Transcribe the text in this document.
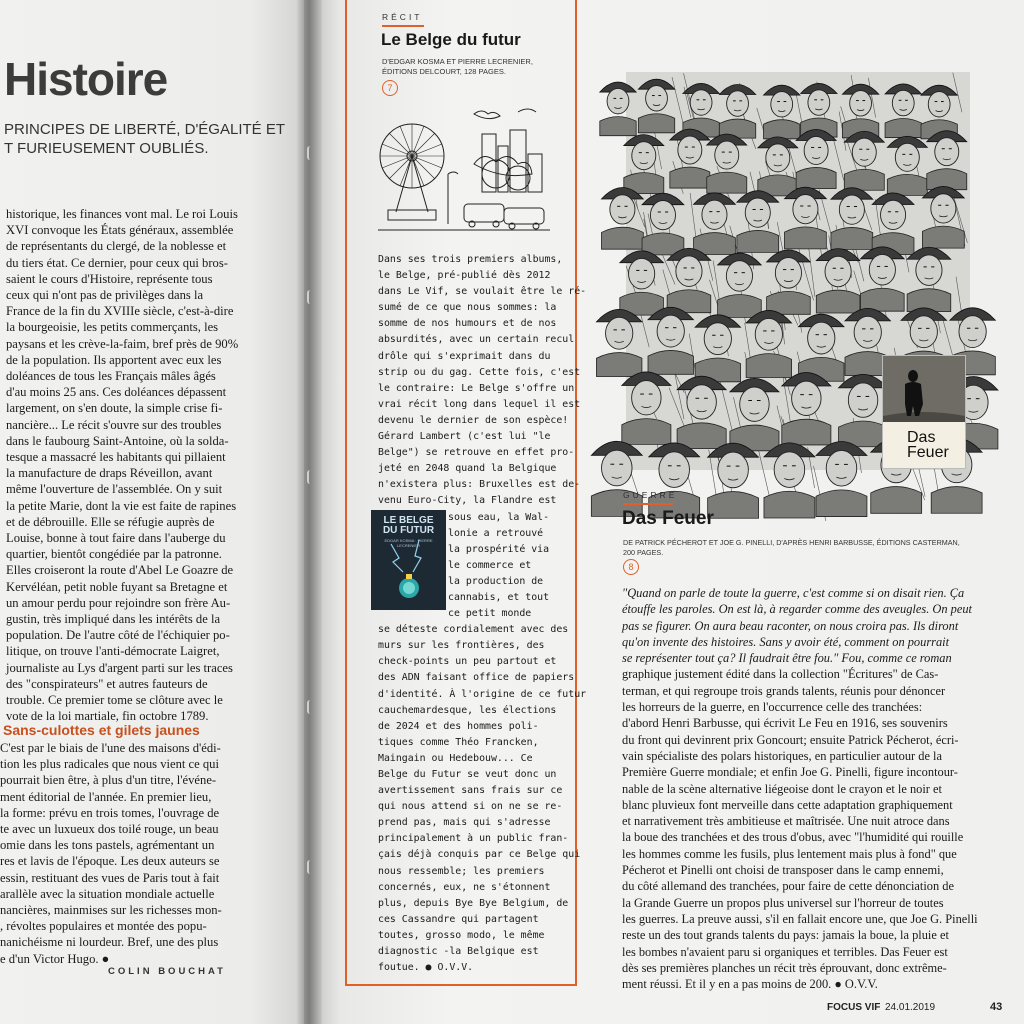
Histoire
PRINCIPES DE LIBERTÉ, D'ÉGALITÉ ET
T FURIEUSEMENT OUBLIÉS.
historique, les finances vont mal. Le roi Louis
XVI convoque les États généraux, assemblée
de représentants du clergé, de la noblesse et
du tiers état. Ce dernier, pour ceux qui bros-
saient le cours d'Histoire, représente tous
ceux qui n'ont pas de privilèges dans la
France de la fin du XVIIIe siècle, c'est-à-dire
la bourgeoisie, les petits commerçants, les
paysans et les crève-la-faim, bref près de 90%
de la population. Ils apportent avec eux les
doléances de tous les Français mâles âgés
d'au moins 25 ans. Ces doléances dépassent
largement, on s'en doute, la simple crise fi-
nancière... Le récit s'ouvre sur des troubles
dans le faubourg Saint-Antoine, où la solda-
tesque a massacré les habitants qui pillaient
la manufacture de draps Réveillon, avant
même l'ouverture de l'assemblée. On y suit
la petite Marie, dont la vie est faite de rapines
et de débrouille. Elle se réfugie auprès de
Louise, bonne à tout faire dans l'auberge du
quartier, bientôt congédiée par la patronne.
Elles croiseront la route d'Abel Le Goazre de
Kervéléan, petit noble fuyant sa Bretagne et
un amour perdu pour rejoindre son frère Au-
gustin, très impliqué dans les intérêts de la
population. De l'autre côté de l'échiquier po-
litique, on trouve l'anti-démocrate Laigret,
journaliste au Lys d'argent parti sur les traces
des "conspirateurs" et autres fauteurs de
trouble. Ce premier tome se clôture avec le
vote de la loi martiale, fin octobre 1789.
Sans-culottes et gilets jaunes
C'est par le biais de l'une des maisons d'édi-
tion les plus radicales que nous vient ce qui
pourrait bien être, à plus d'un titre, l'événe-
ment éditorial de l'année. En premier lieu,
la forme: prévu en trois tomes, l'ouvrage de
te avec un luxueux dos toilé rouge, un beau
omie dans les tons pastels, agrémentant un
res et lavis de l'époque. Les deux auteurs se
essin, restituant des vues de Paris tout à fait
arallèle avec la situation mondiale actuelle
nancières, mainmises sur les richesses mon-
, révoltes populaires et montée des popu-
nanichéisme ni lourdeur. Bref, une des plus
e d'un Victor Hugo. ●
COLIN BOUCHAT
RÉCIT
Le Belge du futur
D'EDGAR KOSMA ET PIERRE LECRENIER,
ÉDITIONS DELCOURT, 128 PAGES.
7
Dans ses trois premiers albums,
le Belge, pré-publié dès 2012
dans Le Vif, se voulait être le ré-
sumé de ce que nous sommes: la
somme de nos humours et de nos
absurdités, avec un certain recul
drôle qui s'exprimait dans du
strip ou du gag. Cette fois, c'est
le contraire: Le Belge s'offre un
vrai récit long dans lequel il est
devenu le dernier de son espèce!
Gérard Lambert (c'est lui "le
Belge") se retrouve en effet pro-
jeté en 2048 quand la Belgique
n'existera plus: Bruxelles est de-
venu Euro-City, la Flandre est
sous eau, la Wal-
lonie a retrouvé
la prospérité via
le commerce et
la production de
cannabis, et tout
ce petit monde
se déteste cordialement avec des
murs sur les frontières, des
check-points un peu partout et
des ADN faisant office de papiers
d'identité. À l'origine de ce futur
cauchemardesque, les élections
de 2024 et des hommes poli-
tiques comme Théo Francken,
Maingain ou Hedebouw... Ce
Belge du Futur se veut donc un
avertissement sans frais sur ce
qui nous attend si on ne se re-
prend pas, mais qui s'adresse
principalement à un public fran-
çais déjà conquis par ce Belge qui
nous ressemble; les premiers
concernés, eux, ne s'étonnent
plus, depuis Bye Bye Belgium, de
ces Cassandre qui partagent
toutes, grosso modo, le même
diagnostic -la Belgique est
foutue. ● O.V.V.
LE BELGE
DU FUTUR
EDGAR KOSMA · PIERRE LECRENIER
Das
Feuer
GUERRE
Das Feuer
DE PATRICK PÉCHEROT ET JOE G. PINELLI, D'APRÈS HENRI BARBUSSE, ÉDITIONS CASTERMAN,
200 PAGES.
8
"Quand on parle de toute la guerre, c'est comme si on disait rien. Ça
étouffe les paroles. On est là, à regarder comme des aveugles. On peut
pas se figurer. On aura beau raconter, on nous croira pas. Ils diront
qu'on invente des histoires. Sans y avoir été, comment on pourrait
se représenter tout ça? Il faudrait être fou." Fou, comme ce roman
graphique justement édité dans la collection "Écritures" de Cas-
terman, et qui regroupe trois grands talents, réunis pour dénoncer
les horreurs de la guerre, en l'occurrence celle des tranchées:
d'abord Henri Barbusse, qui écrivit Le Feu en 1916, ses souvenirs
du front qui devinrent prix Goncourt; ensuite Patrick Pécherot, écri-
vain spécialiste des polars historiques, en particulier autour de la
Première Guerre mondiale; et enfin Joe G. Pinelli, figure incontour-
nable de la scène alternative liégeoise dont le crayon et le noir et
blanc pluvieux font merveille dans cette adaptation graphiquement
et narrativement très ambitieuse et maîtrisée. Une nuit atroce dans
la boue des tranchées et des trous d'obus, avec "l'humidité qui rouille
les hommes comme les fusils, plus lentement mais plus à fond" que
Pécherot et Pinelli ont choisi de transposer dans le camp ennemi,
du côté allemand des tranchées, pour faire de cette dénonciation de
la Grande Guerre un propos plus universel sur l'horreur de toutes
les guerres. La preuve aussi, s'il en fallait encore une, que Joe G. Pinelli
reste un des tout grands talents du pays: jamais la boue, la pluie et
les bombes n'avaient paru si organiques et terribles. Das Feuer est
dès ses premières planches un récit très éprouvant, donc extrême-
ment réussi. Et il y en a pas moins de 200. ● O.V.V.
FOCUS VIF 24.01.2019	43
